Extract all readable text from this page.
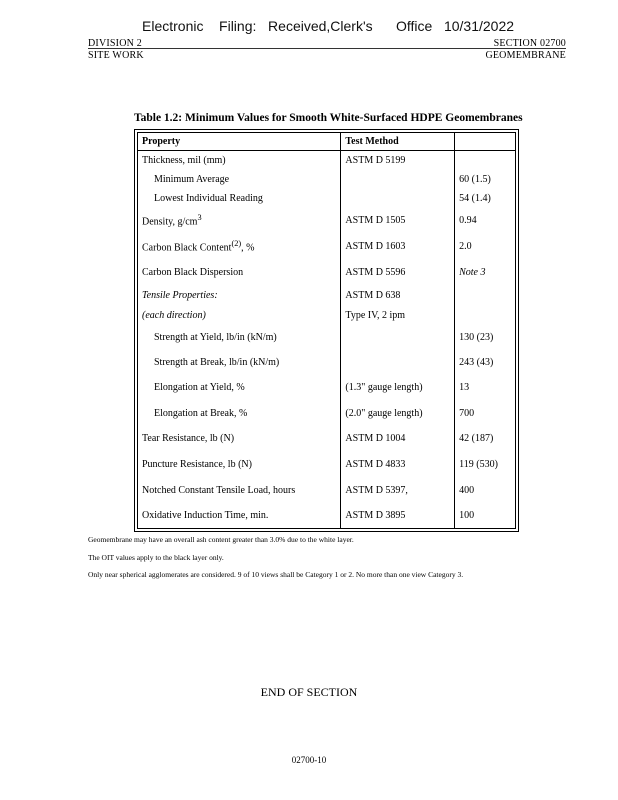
Electronic    Filing:   Received,Clerk's      Office   10/31/2022
DIVISION 2
SITE WORK
SECTION 02700
GEOMEMBRANE
Table 1.2: Minimum Values for Smooth White-Surfaced HDPE Geomembranes
Property	Test Method	
Thickness, mil (mm)	ASTM D 5199	
Minimum Average		60 (1.5)
Lowest Individual Reading		54 (1.4)
Density, $g/cm^3$	ASTM D 1505	0.94
Carbon Black Content$^{(2)}$, %	ASTM D 1603	2.0
Carbon Black Dispersion	ASTM D 5596	Note 3
Tensile Properties:	ASTM D 638	
(each direction)	Type IV, 2 ipm	
Strength at Yield, lb/in (kN/m)		130 (23)
Strength at Break, lb/in (kN/m)		243 (43)
Elongation at Yield, %	(1.3" gauge length)	13
Elongation at Break, %	(2.0" gauge length)	700
Tear Resistance, lb (N)	ASTM D 1004	42 (187)
Puncture Resistance, lb (N)	ASTM D 4833	119 (530)
Notched Constant Tensile Load, hours	ASTM D 5397,	400
Oxidative Induction Time, min.	ASTM D 3895	100
Geomembrane may have an overall ash content greater than 3.0% due to the white layer.
The OIT values apply to the black layer only.
Only near spherical agglomerates are considered. 9 of 10 views shall be Category 1 or 2. No more than one view Category 3.
END OF SECTION
02700-10
